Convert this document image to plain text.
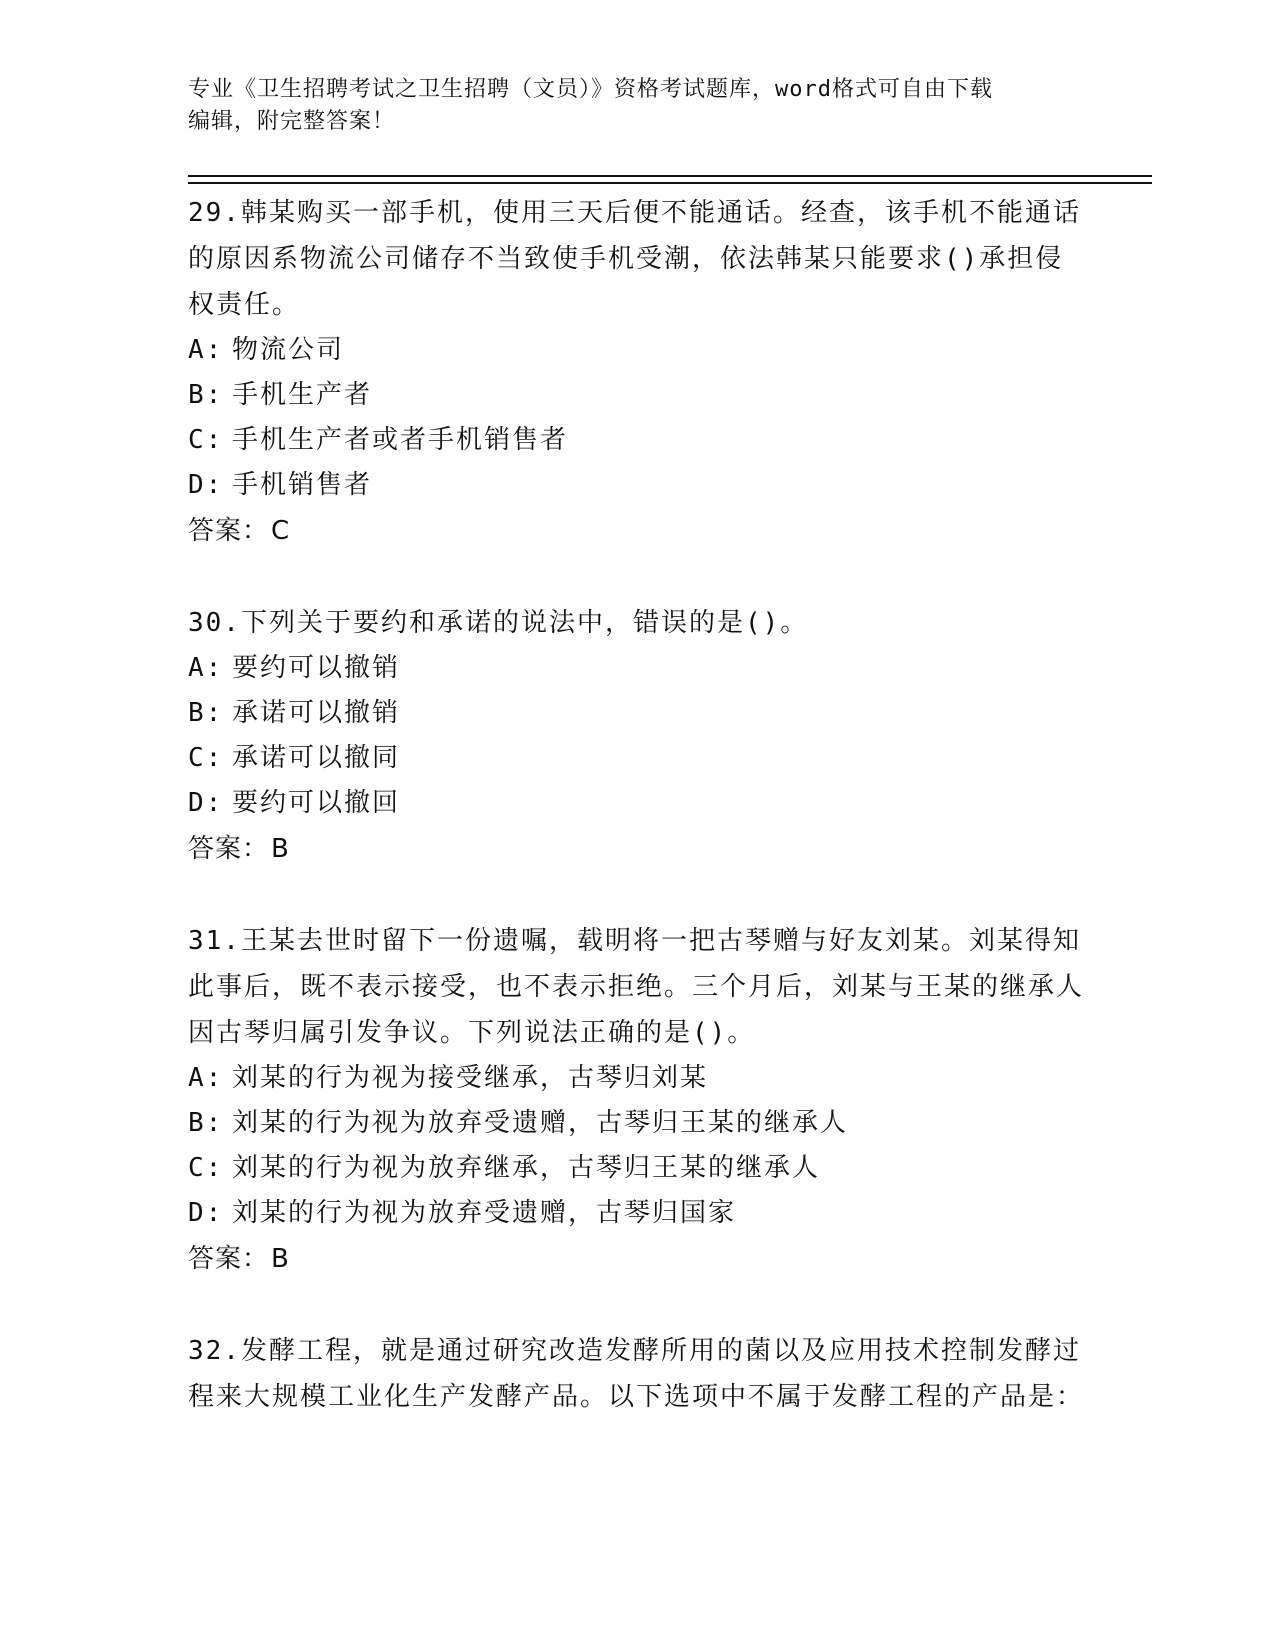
专业《卫生招聘考试之卫生招聘（文员）》资格考试题库，word格式可自由下载
编辑，附完整答案！

29.韩某购买一部手机，使用三天后便不能通话。经查，该手机不能通话的原因系物流公司储存不当致使手机受潮，依法韩某只能要求()承担侵权责任。

A: 物流公司

B: 手机生产者

C: 手机生产者或者手机销售者

D: 手机销售者

答案：C

30.下列关于要约和承诺的说法中，错误的是()。

A: 要约可以撤销

B: 承诺可以撤销

C: 承诺可以撤同

D: 要约可以撤回

答案：B

31.王某去世时留下一份遗嘱，载明将一把古琴赠与好友刘某。刘某得知此事后，既不表示接受，也不表示拒绝。三个月后，刘某与王某的继承人因古琴归属引发争议。下列说法正确的是()。

A: 刘某的行为视为接受继承，古琴归刘某

B: 刘某的行为视为放弃受遗赠，古琴归王某的继承人

C: 刘某的行为视为放弃继承，古琴归王某的继承人

D: 刘某的行为视为放弃受遗赠，古琴归国家

答案：B

32.发酵工程，就是通过研究改造发酵所用的菌以及应用技术控制发酵过程来大规模工业化生产发酵产品。以下选项中不属于发酵工程的产品是：
